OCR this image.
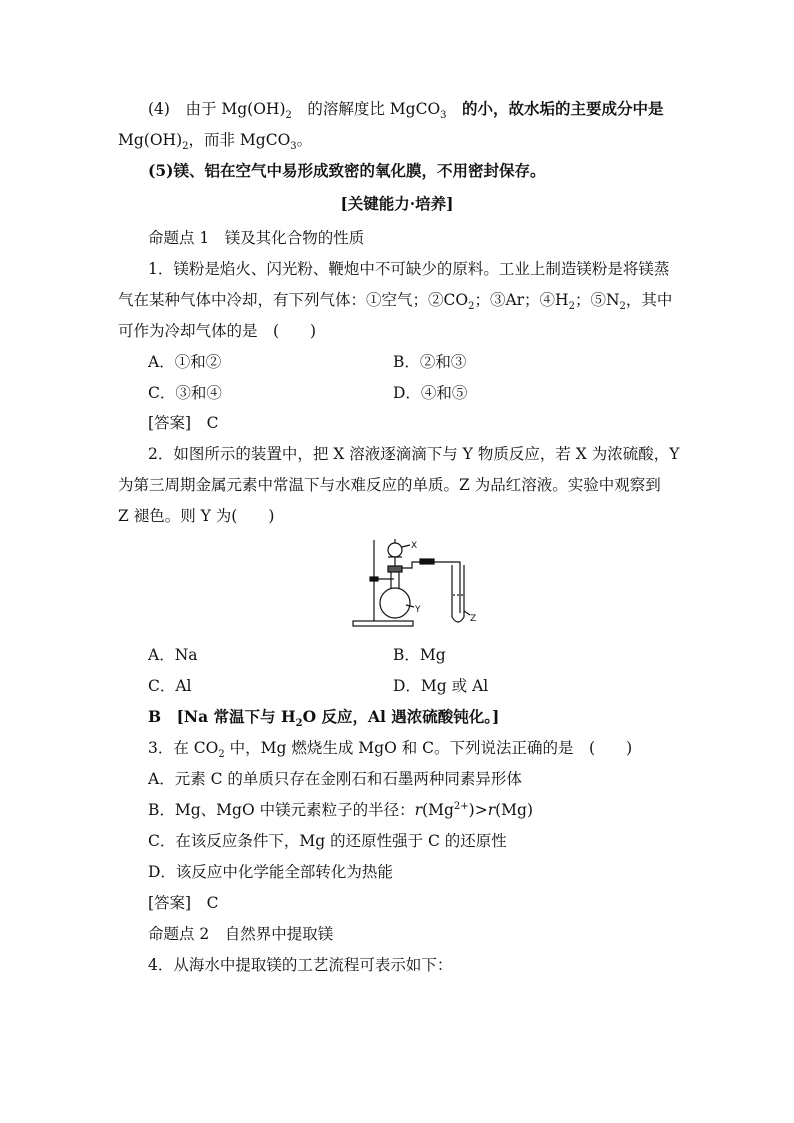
(4)　由于 $Mg(OH)_2$　的溶解度比 MgCO$_3$　的小，故水垢的主要成分中是
$Mg(OH)_2$，而非 MgCO$_3$。
(5)镁、铝在空气中易形成致密的氧化膜，不用密封保存。
[关键能力·培养]
命题点 1　镁及其化合物的性质
1．镁粉是焰火、闪光粉、鞭炮中不可缺少的原料。工业上制造镁粉是将镁蒸
气在某种气体中冷却，有下列气体：①空气；$②CO_2$；③Ar；$④H_2$；$⑤N_2$，其中
可作为冷却气体的是　(　　)
A．①和②	B．②和③
C．③和④	D．④和⑤
[答案]　C
2．如图所示的装置中，把 X 溶液逐滴滴下与 Y 物质反应，若 X 为浓硫酸，Y
为第三周期金属元素中常温下与水难反应的单质。Z 为品红溶液。实验中观察到
Z 褪色。则 Y 为(　　)
X
Y
Z
A．Na	B．Mg
C．Al	D．Mg 或 Al
B　[Na 常温下与 $H_2O$ 反应，Al 遇浓硫酸钝化。]
3．在 $CO_2$ 中，Mg 燃烧生成 MgO 和 C。下列说法正确的是　(　　)
A．元素 C 的单质只存在金刚石和石墨两种同素异形体
B．Mg、MgO 中镁元素粒子的半径：$r(Mg^{2+})>r(Mg)$
C．在该反应条件下，Mg 的还原性强于 C 的还原性
D．该反应中化学能全部转化为热能
[答案]　C
命题点 2　自然界中提取镁
4．从海水中提取镁的工艺流程可表示如下：
